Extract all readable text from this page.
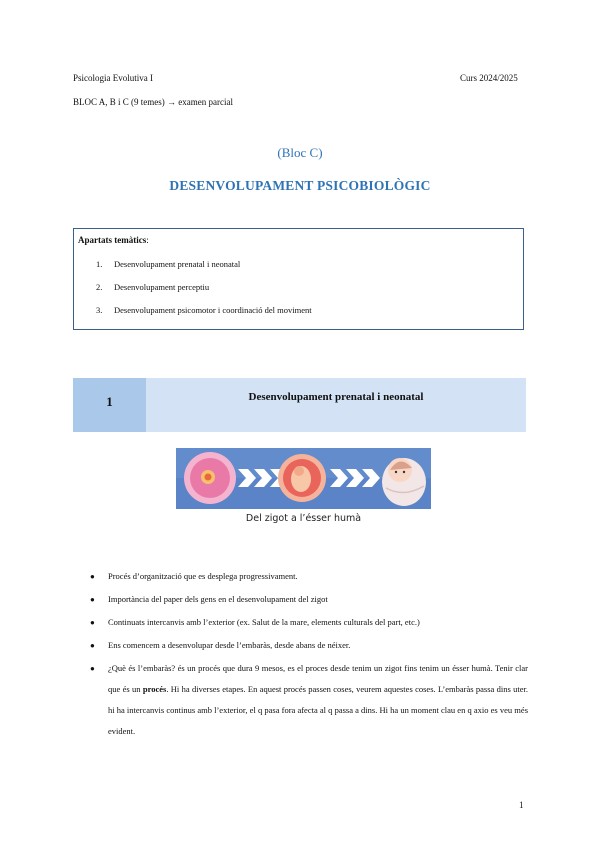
Psicologia Evolutiva I	Curs 2024/2025
BLOC A, B i C (9 temes) → examen parcial
(Bloc C)
DESENVOLUPAMENT PSICOBIOLÒGIC
Apartats temàtics:
1. Desenvolupament prenatal i neonatal
2. Desenvolupament perceptiu
3. Desenvolupament psicomotor i coordinació del moviment
1	Desenvolupament prenatal i neonatal
Del zigot a l’ésser humà
● Procés d’organització que es desplega progressivament.
● Importància del paper dels gens en el desenvolupament del zigot
● Continuats intercanvis amb l’exterior (ex. Salut de la mare, elements culturals del part, etc.)
● Ens comencem a desenvolupar desde l’embaràs, desde abans de néixer.
● ¿Què és l’embaràs? és un procés que dura 9 mesos, es el proces desde tenim un zigot fins tenim un ésser humà. Tenir clar que és un procés. Hi ha diverses etapes. En aquest procés passen coses, veurem aquestes coses. L’embaràs passa dins uter. hi ha intercanvis continus amb l’exterior, el q pasa fora afecta al q passa a dins. Hi ha un moment clau en q axio es veu més evident.
1
